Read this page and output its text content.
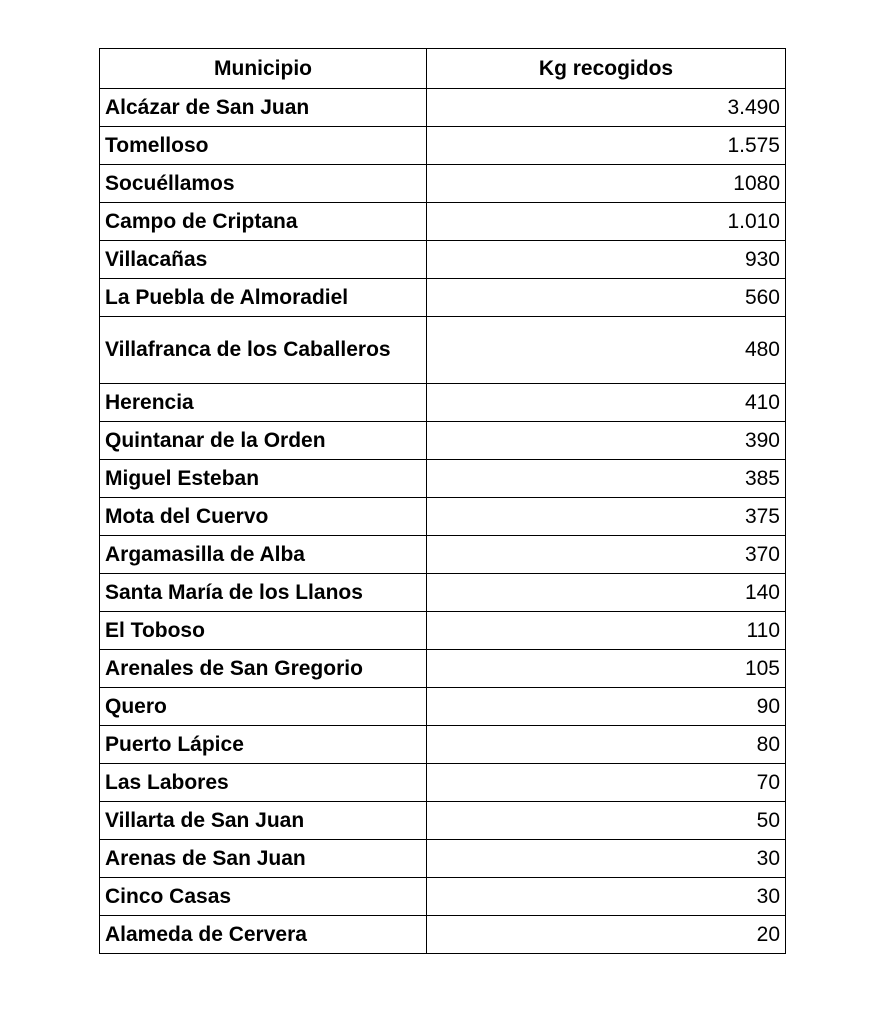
Municipio	Kg recogidos
Alcázar de San Juan	3.490
Tomelloso	1.575
Socuéllamos	1080
Campo de Criptana	1.010
Villacañas	930
La Puebla de Almoradiel	560
Villafranca de los Caballeros	480
Herencia	410
Quintanar de la Orden	390
Miguel Esteban	385
Mota del Cuervo	375
Argamasilla de Alba	370
Santa María de los Llanos	140
El Toboso	110
Arenales de San Gregorio	105
Quero	90
Puerto Lápice	80
Las Labores	70
Villarta de San Juan	50
Arenas de San Juan	30
Cinco Casas	30
Alameda de Cervera	20
